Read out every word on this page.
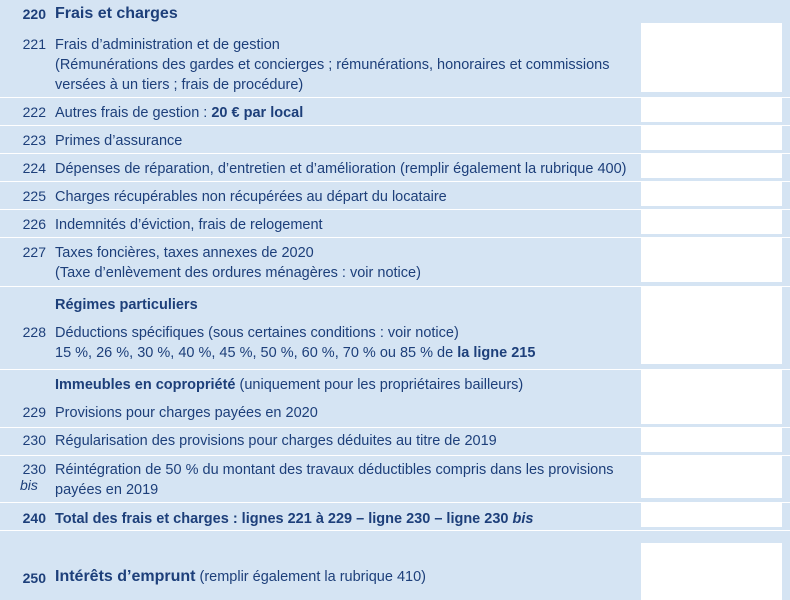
220 Frais et charges
221 Frais d’administration et de gestion
(Rémunérations des gardes et concierges ; rémunérations, honoraires et commissions
versées à un tiers ; frais de procédure)
222 Autres frais de gestion : 20 € par local
223 Primes d’assurance
224 Dépenses de réparation, d’entretien et d’amélioration (remplir également la rubrique 400)
225 Charges récupérables non récupérées au départ du locataire
226 Indemnités d’éviction, frais de relogement
227 Taxes foncières, taxes annexes de 2020
(Taxe d’enlèvement des ordures ménagères : voir notice)
Régimes particuliers
228 Déductions spécifiques (sous certaines conditions : voir notice)
15 %, 26 %, 30 %, 40 %, 45 %, 50 %, 60 %, 70 % ou 85 % de la ligne 215
Immeubles en copropriété (uniquement pour les propriétaires bailleurs)
229 Provisions pour charges payées en 2020
230 Régularisation des provisions pour charges déduites au titre de 2019
230
bis
Réintégration de 50 % du montant des travaux déductibles compris dans les provisions
payées en 2019
240 Total des frais et charges : lignes 221 à 229 – ligne 230 – ligne 230 bis
250 Intérêts d’emprunt (remplir également la rubrique 410)
optimisemonimpot.fr
